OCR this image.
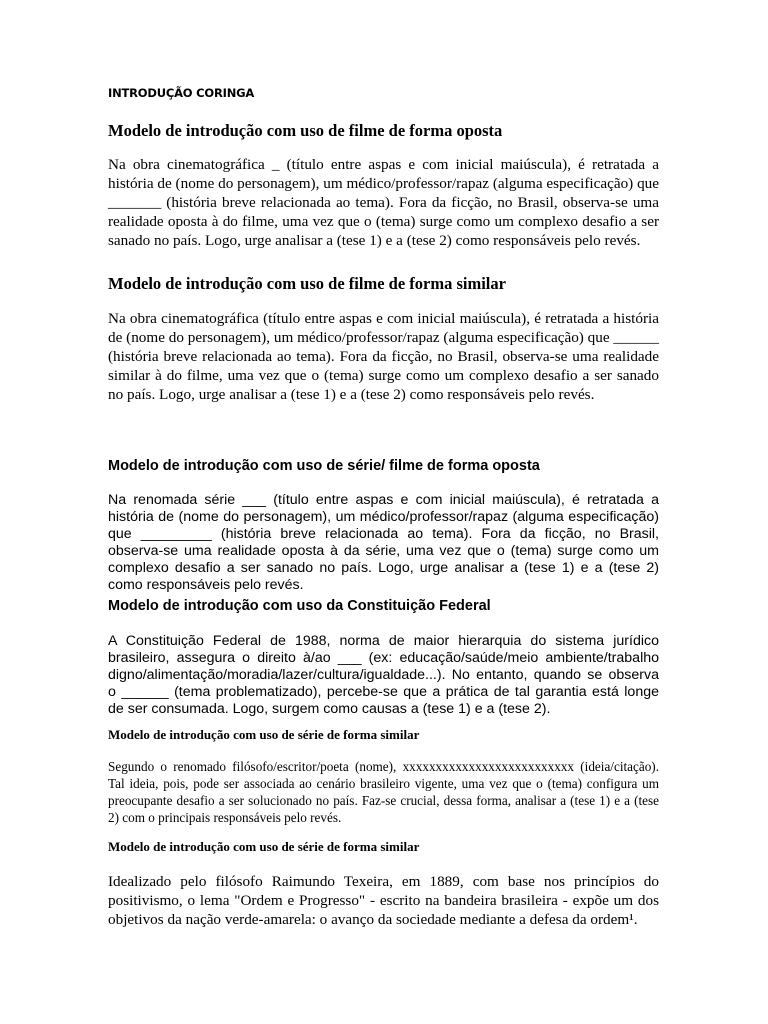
INTRODUÇÃO CORINGA
Modelo de introdução com uso de filme de forma oposta

Na obra cinematográfica _ (título entre aspas e com inicial maiúscula), é retratada a história de (nome do personagem), um médico/professor/rapaz (alguma especificação) que _______ (história breve relacionada ao tema). Fora da ficção, no Brasil, observa-se uma realidade oposta à do filme, uma vez que o (tema) surge como um complexo desafio a ser sanado no país. Logo, urge analisar a (tese 1) e a (tese 2) como responsáveis pelo revés.

Modelo de introdução com uso de filme de forma similar

Na obra cinematográfica (título entre aspas e com inicial maiúscula), é retratada a história de (nome do personagem), um médico/professor/rapaz (alguma especificação) que ______ (história breve relacionada ao tema). Fora da ficção, no Brasil, observa-se uma realidade similar à do filme, uma vez que o (tema) surge como um complexo desafio a ser sanado no país. Logo, urge analisar a (tese 1) e a (tese 2) como responsáveis pelo revés.

Modelo de introdução com uso de série/ filme de forma oposta

Na renomada série ___ (título entre aspas e com inicial maiúscula), é retratada a história de (nome do personagem), um médico/professor/rapaz (alguma especificação) que _________ (história breve relacionada ao tema). Fora da ficção, no Brasil, observa-se uma realidade oposta à da série, uma vez que o (tema) surge como um complexo desafio a ser sanado no país. Logo, urge analisar a (tese 1) e a (tese 2) como responsáveis pelo revés.

Modelo de introdução com uso da Constituição Federal

A Constituição Federal de 1988, norma de maior hierarquia do sistema jurídico brasileiro, assegura o direito à/ao ___ (ex: educação/saúde/meio ambiente/trabalho digno/alimentação/moradia/lazer/cultura/igualdade...). No entanto, quando se observa o ______ (tema problematizado), percebe-se que a prática de tal garantia está longe de ser consumada. Logo, surgem como causas a (tese 1) e a (tese 2).

Modelo de introdução com uso de série de forma similar

Segundo o renomado filósofo/escritor/poeta (nome), xxxxxxxxxxxxxxxxxxxxxxxxxx (ideia/citação). Tal ideia, pois, pode ser associada ao cenário brasileiro vigente, uma vez que o (tema) configura um preocupante desafio a ser solucionado no país. Faz-se crucial, dessa forma, analisar a (tese 1) e a (tese 2) com o principais responsáveis pelo revés.

Modelo de introdução com uso de série de forma similar

Idealizado pelo filósofo Raimundo Texeira, em 1889, com base nos princípios do positivismo, o lema "Ordem e Progresso" - escrito na bandeira brasileira - expõe um dos objetivos da nação verde-amarela: o avanço da sociedade mediante a defesa da ordem¹.
